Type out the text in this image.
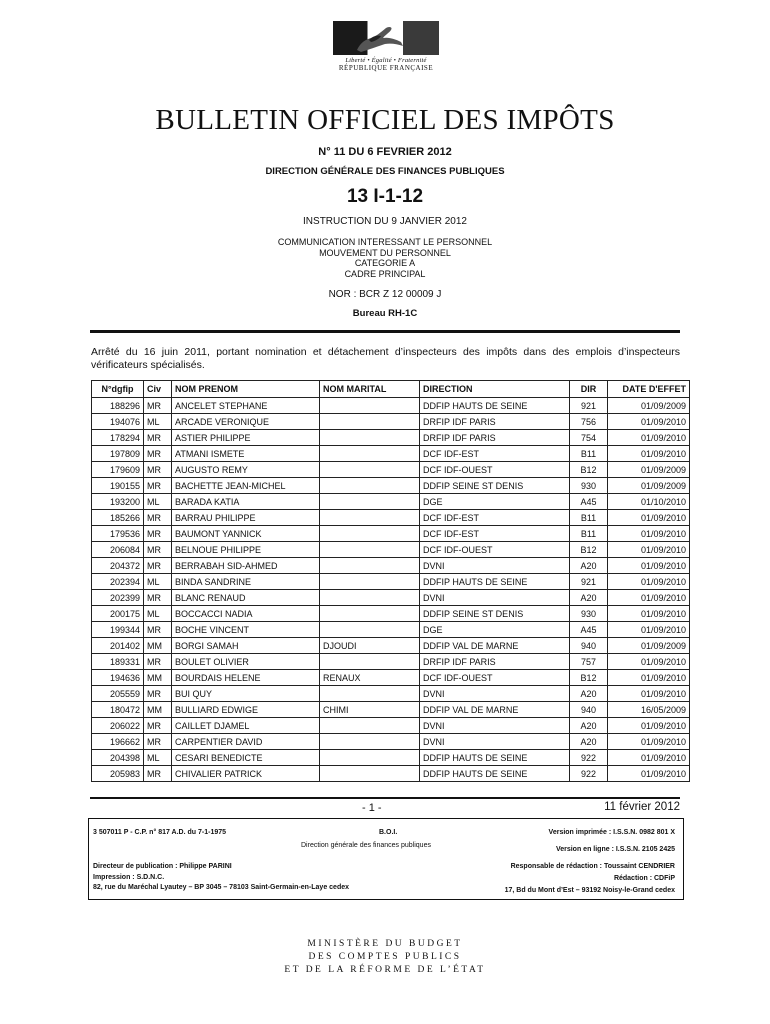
Liberté • Égalité • Fraternité
RÉPUBLIQUE FRANÇAISE
BULLETIN OFFICIEL DES IMPÔTS
N° 11 DU 6 FEVRIER 2012
DIRECTION GÉNÉRALE DES FINANCES PUBLIQUES
13 I-1-12
INSTRUCTION DU 9 JANVIER 2012
COMMUNICATION INTERESSANT LE PERSONNEL
MOUVEMENT DU PERSONNEL
CATEGORIE A
CADRE PRINCIPAL
NOR : BCR Z 12 00009 J
Bureau RH-1C
Arrêté du 16 juin 2011, portant nomination et détachement d’inspecteurs des impôts dans des emplois d’inspecteurs vérificateurs spécialisés.
N°dgfip	Civ	NOM PRENOM	NOM MARITAL	DIRECTION	DIR	DATE D'EFFET
188296	MR	ANCELET STEPHANE		DDFIP HAUTS DE SEINE	921	01/09/2009
194076	ML	ARCADE VERONIQUE		DRFIP IDF PARIS	756	01/09/2010
178294	MR	ASTIER PHILIPPE		DRFIP IDF PARIS	754	01/09/2010
197809	MR	ATMANI ISMETE		DCF IDF-EST	B11	01/09/2010
179609	MR	AUGUSTO REMY		DCF IDF-OUEST	B12	01/09/2009
190155	MR	BACHETTE JEAN-MICHEL		DDFIP SEINE ST DENIS	930	01/09/2009
193200	ML	BARADA KATIA		DGE	A45	01/10/2010
185266	MR	BARRAU PHILIPPE		DCF IDF-EST	B11	01/09/2010
179536	MR	BAUMONT YANNICK		DCF IDF-EST	B11	01/09/2010
206084	MR	BELNOUE PHILIPPE		DCF IDF-OUEST	B12	01/09/2010
204372	MR	BERRABAH SID-AHMED		DVNI	A20	01/09/2010
202394	ML	BINDA SANDRINE		DDFIP HAUTS DE SEINE	921	01/09/2010
202399	MR	BLANC RENAUD		DVNI	A20	01/09/2010
200175	ML	BOCCACCI NADIA		DDFIP SEINE ST DENIS	930	01/09/2010
199344	MR	BOCHE VINCENT		DGE	A45	01/09/2010
201402	MM	BORGI SAMAH	DJOUDI	DDFIP VAL DE MARNE	940	01/09/2009
189331	MR	BOULET OLIVIER		DRFIP IDF PARIS	757	01/09/2010
194636	MM	BOURDAIS HELENE	RENAUX	DCF IDF-OUEST	B12	01/09/2010
205559	MR	BUI QUY		DVNI	A20	01/09/2010
180472	MM	BULLIARD EDWIGE	CHIMI	DDFIP VAL DE MARNE	940	16/05/2009
206022	MR	CAILLET DJAMEL		DVNI	A20	01/09/2010
196662	MR	CARPENTIER DAVID		DVNI	A20	01/09/2010
204398	ML	CESARI BENEDICTE		DDFIP HAUTS DE SEINE	922	01/09/2010
205983	MR	CHIVALIER PATRICK		DDFIP HAUTS DE SEINE	922	01/09/2010
- 1 -	11 février 2012
3 507011 P - C.P. n° 817 A.D. du 7-1-1975	B.O.I.
Direction générale des finances publiques
Version imprimée : I.S.S.N. 0982 801 X
Version en ligne : I.S.S.N. 2105 2425
Directeur de publication : Philippe PARINI
Impression : S.D.N.C.
82, rue du Maréchal Lyautey – BP 3045 – 78103 Saint-Germain-en-Laye cedex
Responsable de rédaction : Toussaint CENDRIER
Rédaction : CDFiP
17, Bd du Mont d’Est – 93192 Noisy-le-Grand cedex
MINISTÈRE DU BUDGET
DES COMPTES PUBLICS
ET DE LA RÉFORME DE L’ÉTAT
